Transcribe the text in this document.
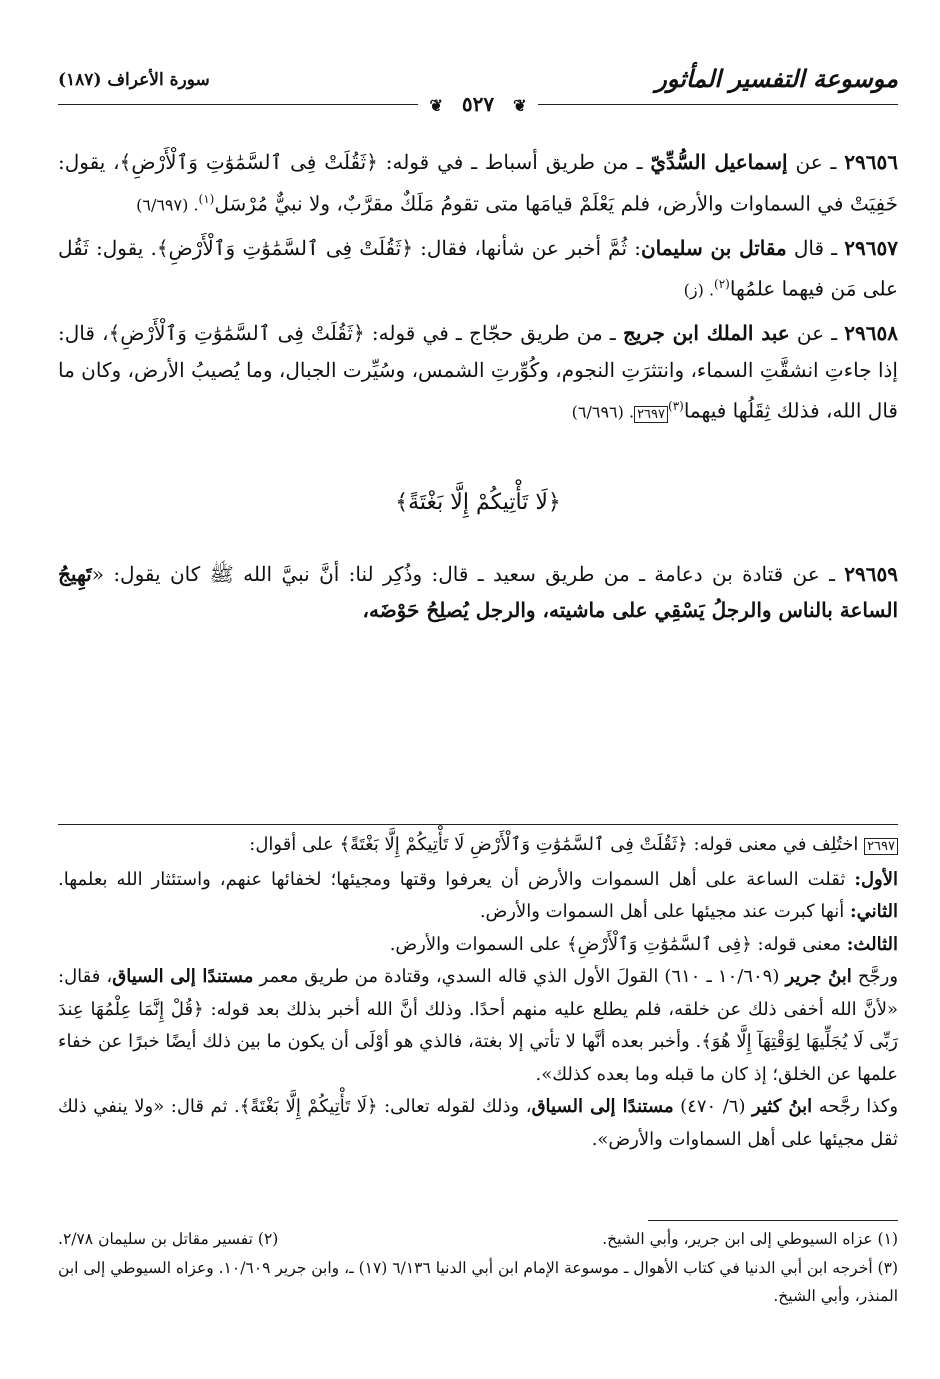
موسوعة التفسير المأثور
سورة الأعراف (١٨٧)
❦ ٥٢٧ ❦

٢٩٦٥٦ ـ عن إسماعيل السُّدِّيّ ـ من طريق أسباط ـ في قوله: ﴿ثَقُلَتْ فِى ٱلسَّمَٰوَٰتِ وَٱلْأَرْضِ﴾، يقول: خَفِيَتْ في السماوات والأرض، فلم يَعْلَمْ قيامَها متى تقومُ مَلَكٌ مقرَّبٌ، ولا نبيٌّ مُرْسَل$^{(١)}$. (٦/٦٩٧)

٢٩٦٥٧ ـ قال مقاتل بن سليمان: ثُمَّ أخبر عن شأنها، فقال: ﴿ثَقُلَتْ فِى ٱلسَّمَٰوَٰتِ وَٱلْأَرْضِ﴾. يقول: ثَقُل على مَن فيهما علمُها$^{(٢)}$. (ز)

٢٩٦٥٨ ـ عن عبد الملك ابن جريج ـ من طريق حجّاج ـ في قوله: ﴿ثَقُلَتْ فِى ٱلسَّمَٰوَٰتِ وَٱلْأَرْضِ﴾، قال: إذا جاءتِ انشقَّتِ السماء، وانتثرَتِ النجوم، وكُوِّرتِ الشمس، وسُيِّرت الجبال، وما يُصيبُ الأرض، وكان ما قال الله، فذلك ثِقَلُها فيهما$^{(٣)}$٢٦٩٧. (٦/٦٩٦)

﴿لَا تَأْتِيكُمْ إِلَّا بَغْتَةً﴾

٢٩٦٥٩ ـ عن قتادة بن دعامة ـ من طريق سعيد ـ قال: وذُكِر لنا: أنَّ نبيَّ الله ﷺ كان يقول: «تَهِيجُ الساعة بالناس والرجلُ يَسْقِي على ماشيته، والرجل يُصلِحُ حَوْضَه،

٢٦٩٧ اختُلِف في معنى قوله: ﴿ثَقُلَتْ فِى ٱلسَّمَٰوَٰتِ وَٱلْأَرْضِ لَا تَأْتِيكُمْ إِلَّا بَغْتَةً﴾ على أقوال:
الأول: ثقلت الساعة على أهل السموات والأرض أن يعرفوا وقتها ومجيئها؛ لخفائها عنهم، واستئثار الله بعلمها. الثاني: أنها كبرت عند مجيئها على أهل السموات والأرض.
الثالث: معنى قوله: ﴿فِى ٱلسَّمَٰوَٰتِ وَٱلْأَرْضِ﴾ على السموات والأرض.

ورجَّح ابنُ جرير (١٠/٦٠٩ ـ ٦١٠) القولَ الأول الذي قاله السدي، وقتادة من طريق معمر مستندًا إلى السياق، فقال: «لأنَّ الله أخفى ذلك عن خلقه، فلم يطلع عليه منهم أحدًا. وذلك أنَّ الله أخبر بذلك بعد قوله: ﴿قُلْ إِنَّمَا عِلْمُهَا عِندَ رَبِّى لَا يُجَلِّيهَا لِوَقْتِهَآ إِلَّا هُوَ﴾. وأخبر بعده أنَّها لا تأتي إلا بغتة، فالذي هو أوْلَى أن يكون ما بين ذلك أيضًا خبرًا عن خفاء علمها عن الخلق؛ إذ كان ما قبله وما بعده كذلك».

وكذا رجَّحه ابنُ كثير (٦/ ٤٧٠) مستندًا إلى السياق، وذلك لقوله تعالى: ﴿لَا تَأْتِيكُمْ إِلَّا بَغْتَةً﴾. ثم قال: «ولا ينفي ذلك ثقل مجيئها على أهل السماوات والأرض».

(١) عزاه السيوطي إلى ابن جرير، وأبي الشيخ.

(٢) تفسير مقاتل بن سليمان ٢/٧٨.

(٣) أخرجه ابن أبي الدنيا في كتاب الأهوال ـ موسوعة الإمام ابن أبي الدنيا ٦/١٣٦ (١٧) ـ، وابن جرير ١٠/٦٠٩. وعزاه السيوطي إلى ابن المنذر، وأبي الشيخ.
